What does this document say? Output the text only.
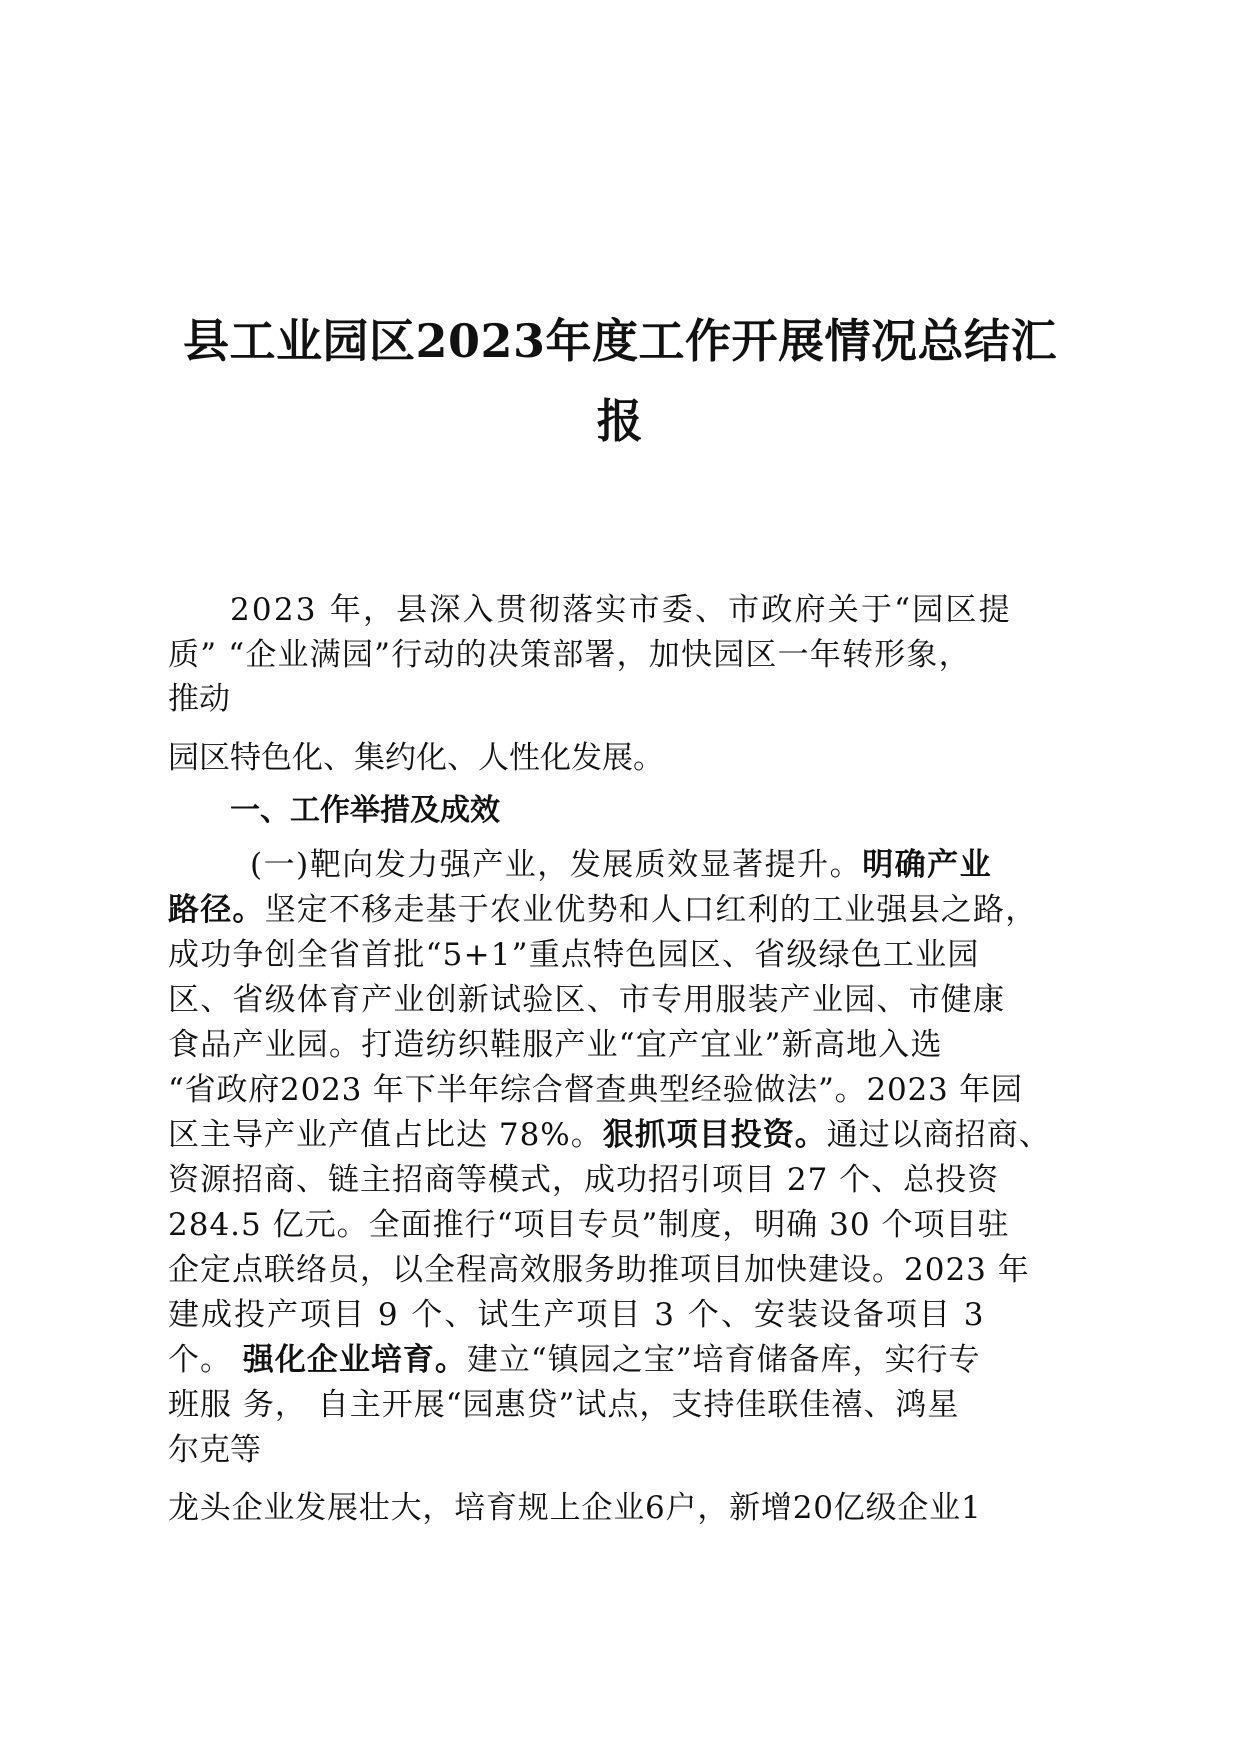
县工业园区2023年度工作开展情况总结汇
报
2023 年，县深入贯彻落实市委、市政府关于“园区提
质” “企业满园”行动的决策部署，加快园区一年转形象，
推动
园区特色化、集约化、人性化发展。
一、工作举措及成效
(一)靶向发力强产业，发展质效显著提升。明确产业
路径。坚定不移走基于农业优势和人口红利的工业强县之路，
成功争创全省首批“5+1”重点特色园区、省级绿色工业园
区、省级体育产业创新试验区、市专用服装产业园、市健康
食品产业园。打造纺织鞋服产业“宜产宜业”新高地入选
“省政府2023 年下半年综合督查典型经验做法”。2023 年园
区主导产业产值占比达 78%。狠抓项目投资。通过以商招商、
资源招商、链主招商等模式，成功招引项目 27 个、总投资
284.5 亿元。全面推行“项目专员”制度，明确 30 个项目驻
企定点联络员，以全程高效服务助推项目加快建设。2023 年
建成投产项目 9 个、试生产项目 3 个、安装设备项目 3
个。 强化企业培育。建立“镇园之宝”培育储备库，实行专
班服 务， 自主开展“园惠贷”试点，支持佳联佳禧、鸿星
尔克等
龙头企业发展壮大，培育规上企业6户，新增20亿级企业1
